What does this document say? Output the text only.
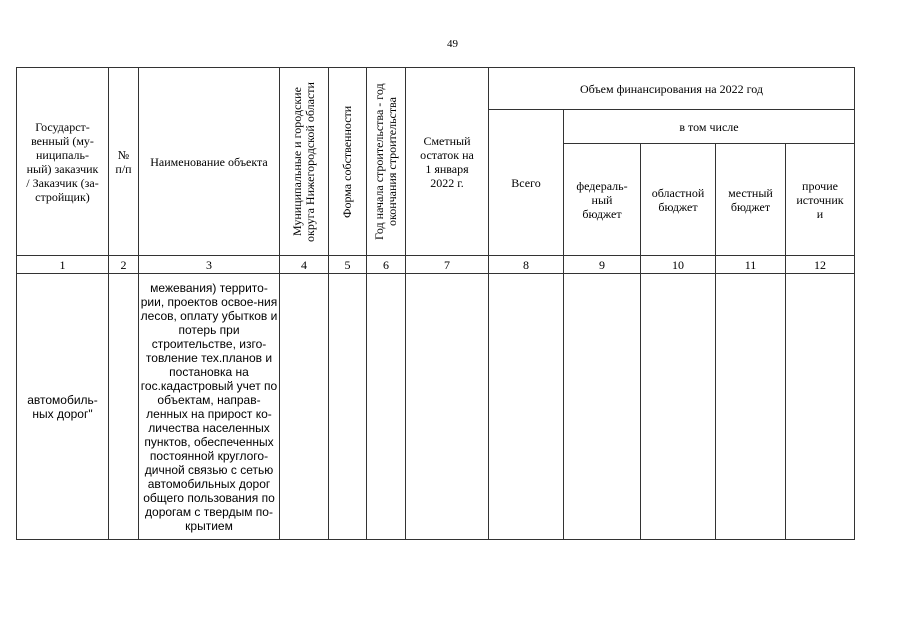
49
Государст-венный (му-ниципаль-ный) заказчик / Заказчик (за-стройщик)	№ п/п	Наименование объекта	Муниципальные и городские округа Нижегородской области	Форма собственности	Год начала строительства - год окончания строительства	Сметный остаток на 1 января 2022 г.	Объем финансирования на 2022 год				
							Всего	в том числе			

								федераль-ный бюджет	областной бюджет	местный бюджет	прочие источник и

1	2	3	4	5	6	7	8	9	10	11	12
автомобиль-ных дорог"		межевания) террито-рии, проектов освое-ния лесов, оплату убытков и потерь при строительстве, изго-товление тех.планов и постановка на гос.кадастровый учет по объектам, направ-ленных на прирост ко-личества населенных пунктов, обеспеченных постоянной круглого-дичной связью с сетью автомобильных дорог общего пользования по дорогам с твердым по-крытием									
